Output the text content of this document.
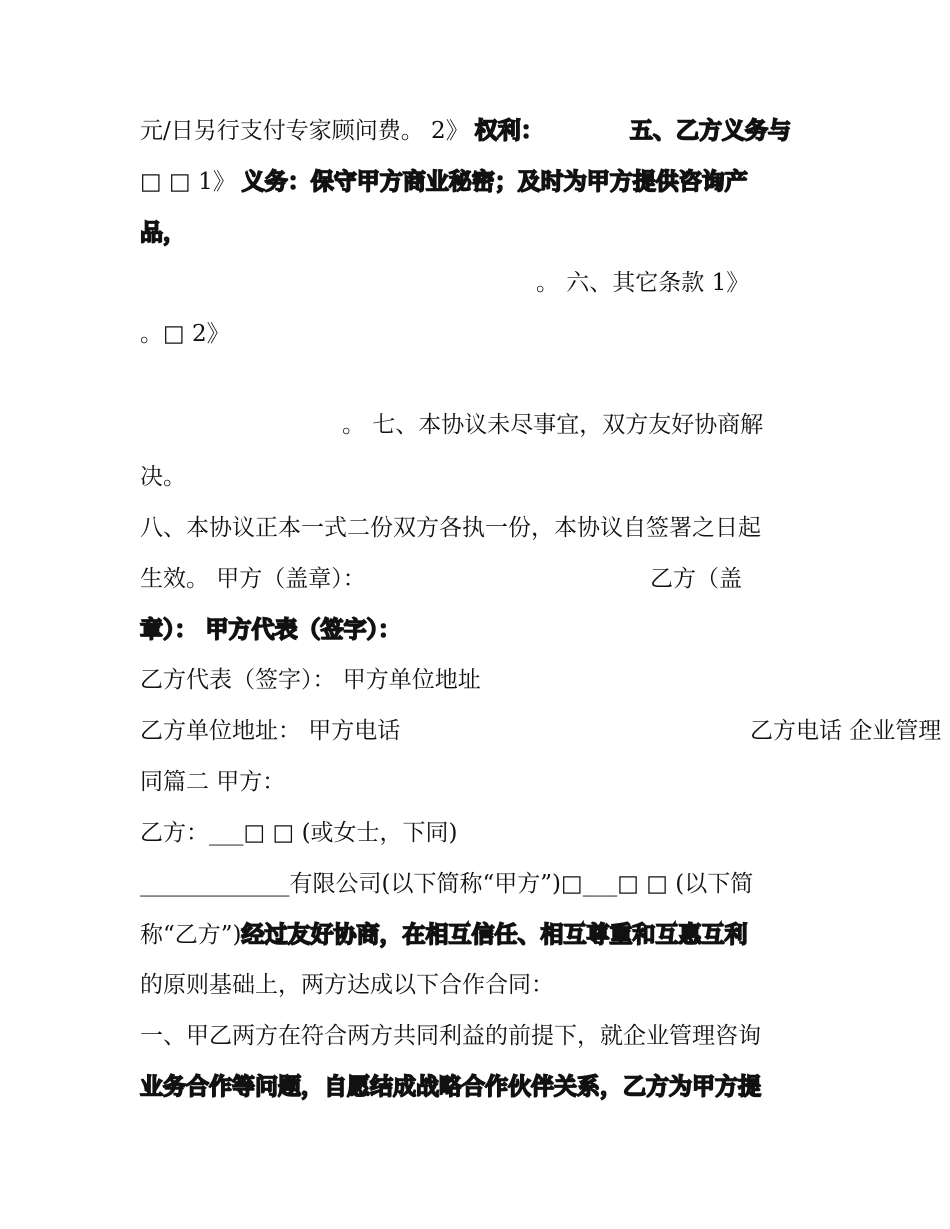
元/日另行支付专家顾问费。 2》 权利：	五、乙方义务与
□ □ 1》 义务：保守甲方商业秘密；及时为甲方提供咨询产
品，
。 六、其它条款 1》
。□ 2》
。 七、本协议未尽事宜，双方友好协商解
决。
八、本协议正本一式二份双方各执一份，本协议自签署之日起
生效。 甲方（盖章）：	乙方（盖
章）： 甲方代表（签字）：
乙方代表（签字）： 甲方单位地址
乙方单位地址： 甲方电话	乙方电话 企业管理
同篇二 甲方：
乙方：___□ □ (或女士，下同)
_____________有限公司(以下简称“甲方”)□___□ □ (以下简
称“乙方”)经过友好协商，在相互信任、相互尊重和互惠互利
的原则基础上，两方达成以下合作合同：
一、甲乙两方在符合两方共同利益的前提下，就企业管理咨询
业务合作等问题，自愿结成战略合作伙伴关系，乙方为甲方提
